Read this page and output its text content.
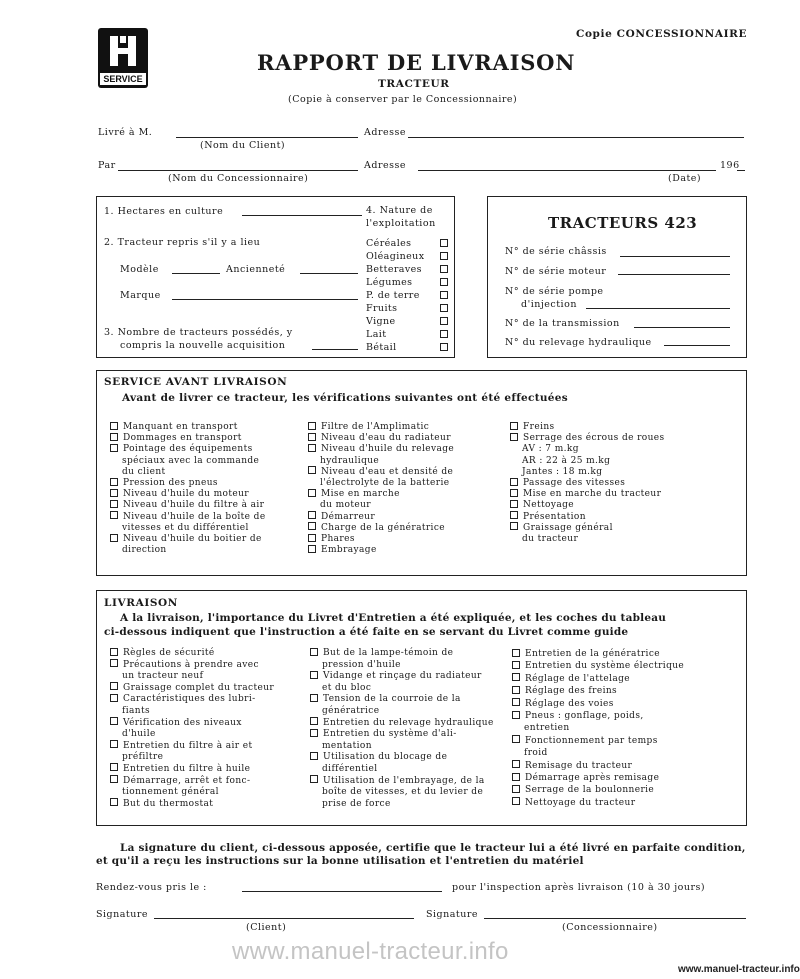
Copie CONCESSIONNAIRE
SERVICE
RAPPORT DE LIVRAISON
TRACTEUR
(Copie à conserver par le Concessionnaire)
Livré à M.
(Nom du Client)
Adresse
Par
(Nom du Concessionnaire)
Adresse	196
(Date)
1. Hectares en culture
2. Tracteur repris s'il y a lieu
Modèle	Ancienneté
Marque
3. Nombre de tracteurs possédés, y
compris la nouvelle acquisition
4. Nature de
l'exploitation
Céréales
Oléagineux
Betteraves
Légumes
P. de terre
Fruits
Vigne
Lait
Bétail
TRACTEURS 423
N° de série châssis
N° de série moteur
N° de série pompe
d'injection
N° de la transmission
N° du relevage hydraulique
SERVICE AVANT LIVRAISON
Avant de livrer ce tracteur, les vérifications suivantes ont été effectuées
Manquant en transport
Dommages en transport
Pointage des équipements
spéciaux avec la commande
du client
Pression des pneus
Niveau d'huile du moteur
Niveau d'huile du filtre à air
Niveau d'huile de la boîte de
vitesses et du différentiel
Niveau d'huile du boitier de
direction
Filtre de l'Amplimatic
Niveau d'eau du radiateur
Niveau d'huile du relevage
hydraulique
Niveau d'eau et densité de
l'électrolyte de la batterie
Mise en marche
du moteur
Démarreur
Charge de la génératrice
Phares
Embrayage
Freins
Serrage des écrous de roues
AV : 7 m.kg
AR : 22 à 25 m.kg
Jantes : 18 m.kg
Passage des vitesses
Mise en marche du tracteur
Nettoyage
Présentation
Graissage général
du tracteur
LIVRAISON
A la livraison, l'importance du Livret d'Entretien a été expliquée, et les coches du tableau
ci-dessous indiquent que l'instruction a été faite en se servant du Livret comme guide
Règles de sécurité
Précautions à prendre avec
un tracteur neuf
Graissage complet du tracteur
Caractéristiques des lubri-
fiants
Vérification des niveaux
d'huile
Entretien du filtre à air et
préfiltre
Entretien du filtre à huile
Démarrage, arrêt et fonc-
tionnement général
But du thermostat
But de la lampe-témoin de
pression d'huile
Vidange et rinçage du radiateur
et du bloc
Tension de la courroie de la
génératrice
Entretien du relevage hydraulique
Entretien du système d'ali-
mentation
Utilisation du blocage de
différentiel
Utilisation de l'embrayage, de la
boîte de vitesses, et du levier de
prise de force
Entretien de la génératrice
Entretien du système électrique
Réglage de l'attelage
Réglage des freins
Réglage des voies
Pneus : gonflage, poids,
entretien
Fonctionnement par temps
froid
Remisage du tracteur
Démarrage après remisage
Serrage de la boulonnerie
Nettoyage du tracteur
La signature du client, ci-dessous apposée, certifie que le tracteur lui a été livré en parfaite condition,
et qu'il a reçu les instructions sur la bonne utilisation et l'entretien du matériel
Rendez-vous pris le :	pour l'inspection après livraison (10 à 30 jours)
Signature
(Client)
Signature
(Concessionnaire)
www.manuel-tracteur.info
www.manuel-tracteur.info
